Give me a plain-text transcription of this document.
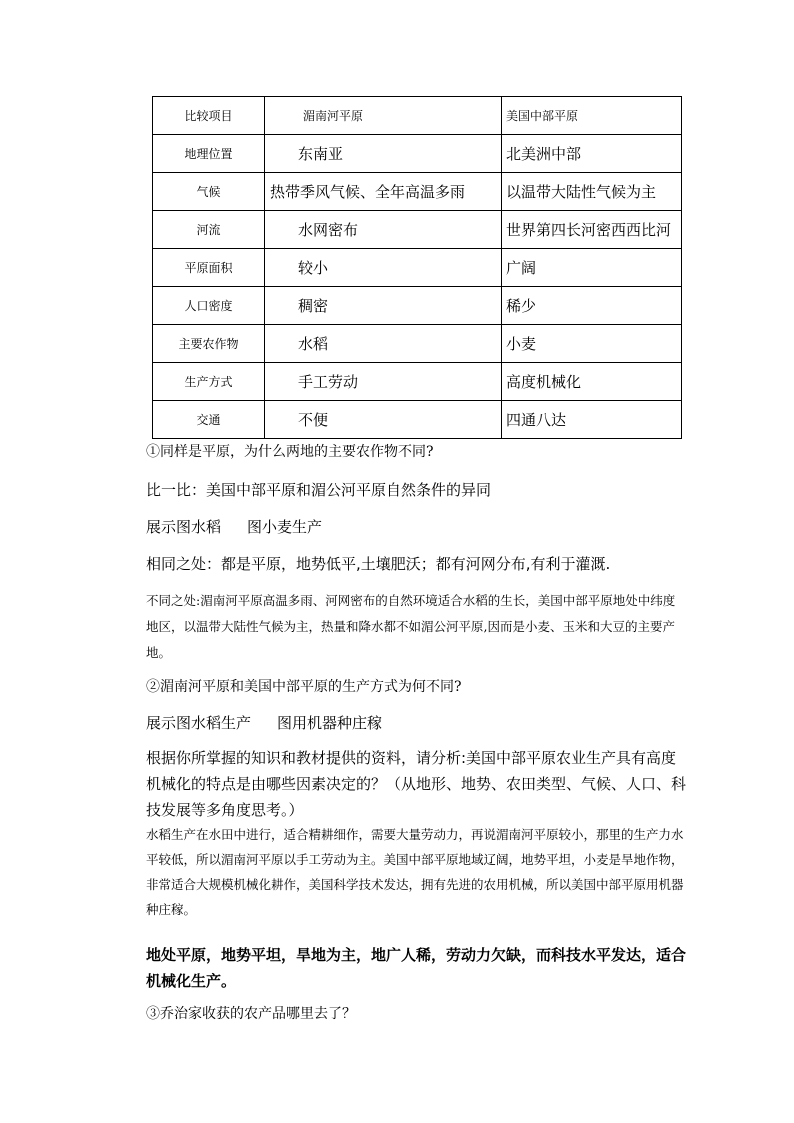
比较项目	湄南河平原	美国中部平原
地理位置	东南亚	北美洲中部
气候	热带季风气候、全年高温多雨	以温带大陆性气候为主
河流	水网密布	世界第四长河密西西比河
平原面积	较小	广阔
人口密度	稠密	稀少
主要农作物	水稻	小麦
生产方式	手工劳动	高度机械化
交通	不便	四通八达
①同样是平原，为什么两地的主要农作物不同?
比一比：美国中部平原和湄公河平原自然条件的异同
展示图水稻 图小麦生产
相同之处：都是平原，地势低平,土壤肥沃；都有河网分布,有利于灌溉.
不同之处:湄南河平原高温多雨、河网密布的自然环境适合水稻的生长，美国中部平原地处中纬度地区，以温带大陆性气候为主，热量和降水都不如湄公河平原,因而是小麦、玉米和大豆的主要产地。
②湄南河平原和美国中部平原的生产方式为何不同?
展示图水稻生产 图用机器种庄稼
根据你所掌握的知识和教材提供的资料，请分析:美国中部平原农业生产具有高度机械化的特点是由哪些因素决定的？（从地形、地势、农田类型、气候、人口、科技发展等多角度思考。）
水稻生产在水田中进行，适合精耕细作，需要大量劳动力，再说湄南河平原较小，那里的生产力水平较低，所以湄南河平原以手工劳动为主。美国中部平原地域辽阔，地势平坦，小麦是旱地作物，非常适合大规模机械化耕作，美国科学技术发达，拥有先进的农用机械，所以美国中部平原用机器种庄稼。
地处平原，地势平坦，旱地为主，地广人稀，劳动力欠缺，而科技水平发达，适合机械化生产。
③乔治家收获的农产品哪里去了？
